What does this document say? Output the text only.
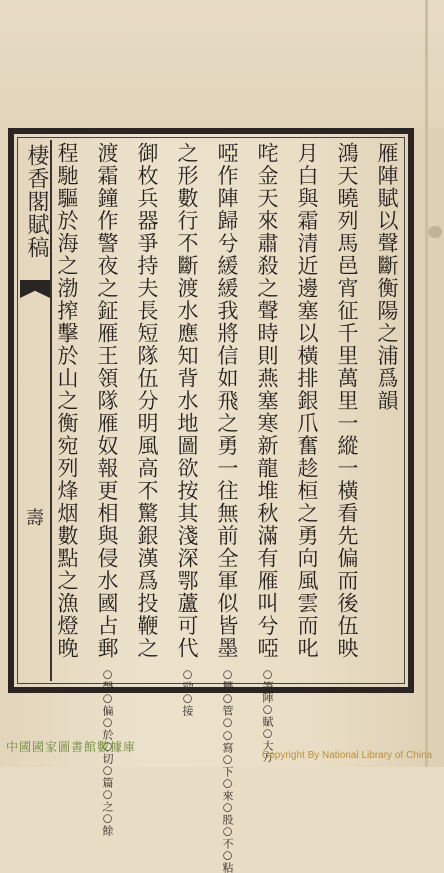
棲香閣賦稿
壽
雁陣賦以聲斷衡陽之浦爲韻
鴻天曉列馬邑宵征千里萬里一縱一橫看先偏而後伍映
月白與霜清近邊塞以橫排銀爪奮趁桓之勇向風雲而叱
咤金天來肅殺之聲時則燕塞寒新龍堆秋滿有雁叫兮啞 ○筆陣○賦○大方
啞作陣歸兮緩緩我將信如飛之勇一往無前全軍似皆墨 ○雙○管○○寫○下○來○股○不○粘
之形數行不斷渡水應知背水地圖欲按其淺深鄂蘆可代 ○勁○接
御枚兵器爭持夫長短隊伍分明風高不驚銀漢爲投鞭之
渡霜鐘作警夜之鉦雁王領隊雁奴報更相與侵水國占郵 ○聲○偏○於○切○篇○之○餘
程馳驅於海之渤搾擊於山之衡宛列烽烟數點之漁燈晚
中國國家圖書館數據庫
Copyright By National Library of China
